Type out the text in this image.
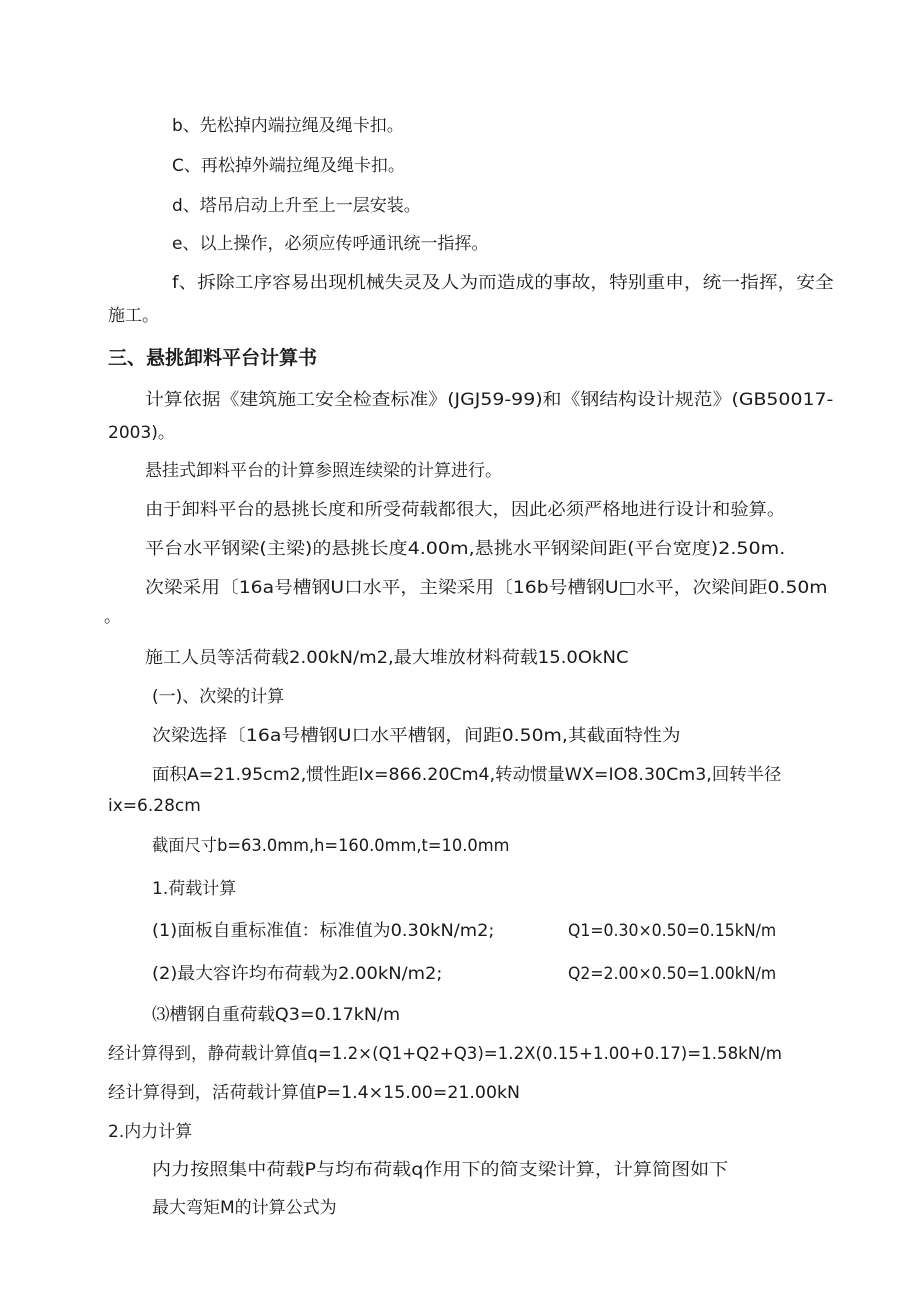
b、先松掉内端拉绳及绳卡扣。
C、再松掉外端拉绳及绳卡扣。
d、塔吊启动上升至上一层安装。
e、以上操作，必须应传呼通讯统一指挥。
f、拆除工序容易出现机械失灵及人为而造成的事故，特别重申，统一指挥，安全
施工。
三、悬挑卸料平台计算书
计算依据《建筑施工安全检查标准》(JGJ59-99)和《钢结构设计规范》(GB50017-
2003)。
悬挂式卸料平台的计算参照连续梁的计算进行。
由于卸料平台的悬挑长度和所受荷载都很大，因此必须严格地进行设计和验算。
平台水平钢梁(主梁)的悬挑长度4.00m,悬挑水平钢梁间距(平台宽度)2.50m.
次梁采用〔16a号槽钢U口水平，主梁采用〔16b号槽钢U□水平，次梁间距0.50m
。
施工人员等活荷载2.00kN∕m2,最大堆放材料荷载15.0OkNC
(一)、次梁的计算
次梁选择〔16a号槽钢U口水平槽钢，间距0.50m,其截面特性为
面积A=21.95cm2,惯性距Ix=866.20Cm4,转动惯量WX=IO8.30Cm3,回转半径
ix=6.28cm
截面尺寸b=63.0mm,h=160.0mm,t=10.0mm
1.荷载计算
(1)面板自重标准值：标准值为0.30kN∕m2;	Q1=0.30×0.50=0.15kN∕m
(2)最大容许均布荷载为2.00kN∕m2;	Q2=2.00×0.50=1.00kN∕m
⑶槽钢自重荷载Q3=0.17kN∕m
经计算得到，静荷载计算值q=1.2×(Q1+Q2+Q3)=1.2X(0.15+1.00+0.17)=1.58kN∕m
经计算得到，活荷载计算值P=1.4×15.00=21.00kN
2.内力计算
内力按照集中荷载P与均布荷载q作用下的简支梁计算，计算简图如下
最大弯矩M的计算公式为
